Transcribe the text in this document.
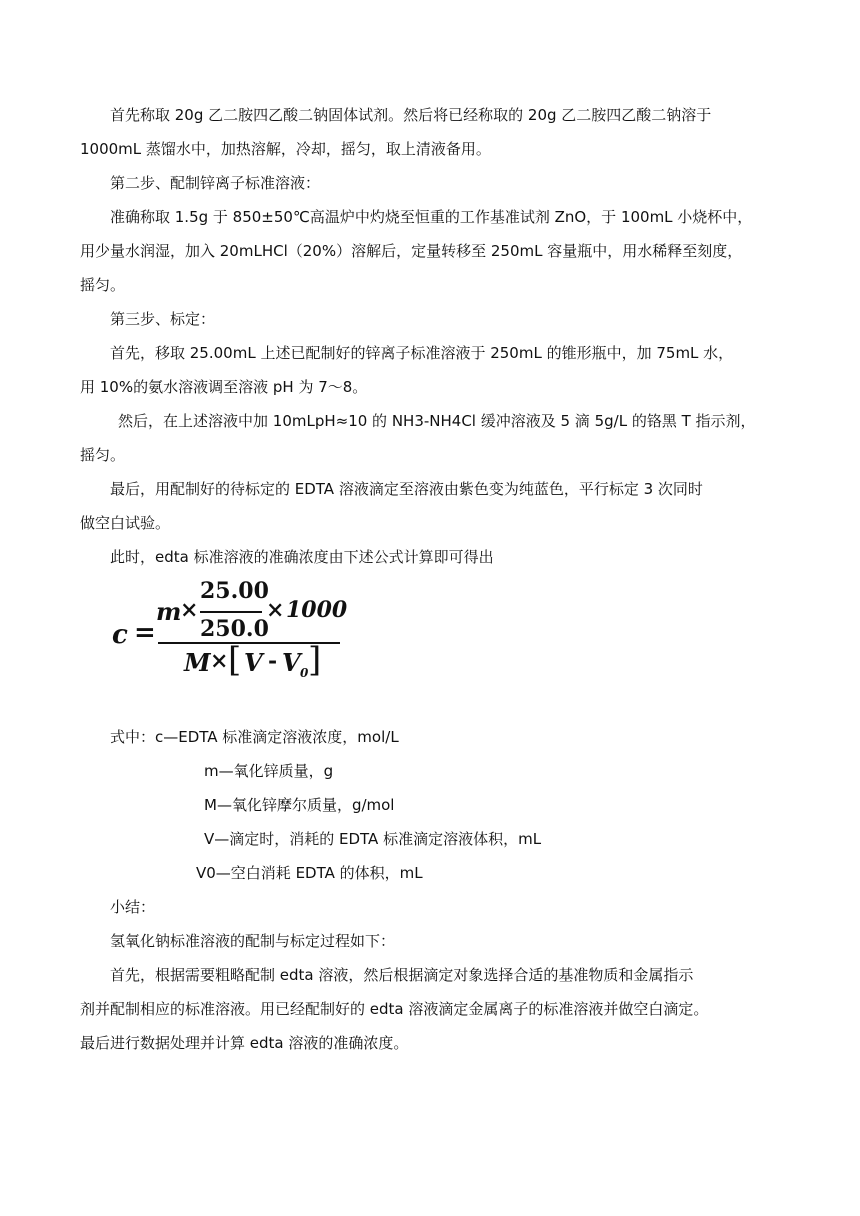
首先称取 20g 乙二胺四乙酸二钠固体试剂。然后将已经称取的 20g 乙二胺四乙酸二钠溶于
1000mL 蒸馏水中，加热溶解，冷却，摇匀，取上清液备用。
第二步、配制锌离子标准溶液：
准确称取 1.5g 于 850±50℃高温炉中灼烧至恒重的工作基准试剂 ZnO，于 100mL 小烧杯中，
用少量水润湿，加入 20mLHCl（20%）溶解后，定量转移至 250mL 容量瓶中，用水稀释至刻度，
摇匀。
第三步、标定：
首先，移取 25.00mL 上述已配制好的锌离子标准溶液于 250mL 的锥形瓶中，加 75mL 水，
用 10%的氨水溶液调至溶液 pH 为 7～8。
然后，在上述溶液中加 10mLpH≈10 的 NH3-NH4Cl 缓冲溶液及 5 滴 5g/L 的铬黑 T 指示剂，
摇匀。
最后，用配制好的待标定的 EDTA 溶液滴定至溶液由紫色变为纯蓝色，平行标定 3 次同时
做空白试验。
此时，edta 标准溶液的准确浓度由下述公式计算即可得出
c =
m
×
25.00
250.0
× 1000
M × [ V - V 0 ]
式中：c—EDTA 标准滴定溶液浓度，mol/L
m—氧化锌质量，g
M—氧化锌摩尔质量，g/mol
V—滴定时，消耗的 EDTA 标准滴定溶液体积，mL
V0—空白消耗 EDTA 的体积，mL
小结：
氢氧化钠标准溶液的配制与标定过程如下：
首先，根据需要粗略配制 edta 溶液，然后根据滴定对象选择合适的基准物质和金属指示
剂并配制相应的标准溶液。用已经配制好的 edta 溶液滴定金属离子的标准溶液并做空白滴定。
最后进行数据处理并计算 edta 溶液的准确浓度。
